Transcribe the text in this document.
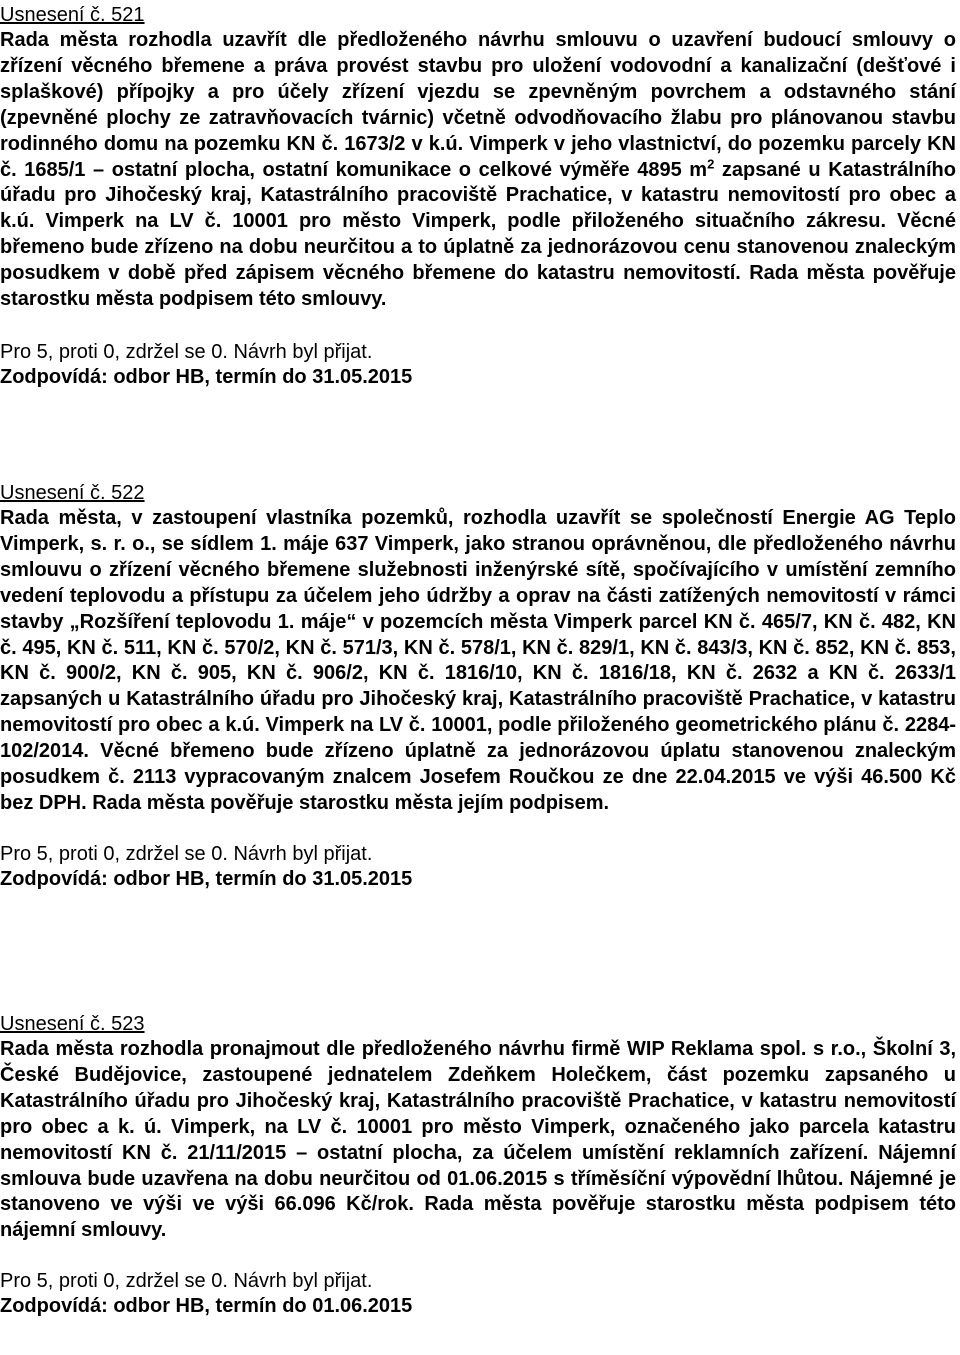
Usnesení č. 521

Rada města rozhodla uzavřít dle předloženého návrhu smlouvu o uzavření budoucí smlouvy o zřízení věcného břemene a práva provést stavbu pro uložení vodovodní a kanalizační (dešťové i splaškové) přípojky a pro účely zřízení vjezdu se zpevněným povrchem a odstavného stání (zpevněné plochy ze zatravňovacích tvárnic) včetně odvodňovacího žlabu pro plánovanou stavbu rodinného domu na pozemku KN č. 1673/2 v k.ú. Vimperk v jeho vlastnictví, do pozemku parcely KN č. 1685/1 – ostatní plocha, ostatní komunikace o celkové výměře 4895 $m^2$ zapsané u Katastrálního úřadu pro Jihočeský kraj, Katastrálního pracoviště Prachatice, v katastru nemovitostí pro obec a k.ú. Vimperk na LV č. 10001 pro město Vimperk, podle přiloženého situačního zákresu. Věcné břemeno bude zřízeno na dobu neurčitou a to úplatně za jednorázovou cenu stanovenou znaleckým posudkem v době před zápisem věcného břemene do katastru nemovitostí. Rada města pověřuje starostku města podpisem této smlouvy.

Pro 5, proti 0, zdržel se 0. Návrh byl přijat.

Zodpovídá: odbor HB, termín do 31.05.2015

Usnesení č. 522

Rada města, v zastoupení vlastníka pozemků, rozhodla uzavřít se společností Energie AG Teplo Vimperk, s. r. o., se sídlem 1. máje 637 Vimperk, jako stranou oprávněnou, dle předloženého návrhu smlouvu o zřízení věcného břemene služebnosti inženýrské sítě, spočívajícího v umístění zemního vedení teplovodu a přístupu za účelem jeho údržby a oprav na části zatížených nemovitostí v rámci stavby „Rozšíření teplovodu 1. máje“ v pozemcích města Vimperk parcel KN č. 465/7, KN č. 482, KN č. 495, KN č. 511, KN č. 570/2, KN č. 571/3, KN č. 578/1, KN č. 829/1, KN č. 843/3, KN č. 852, KN č. 853, KN č. 900/2, KN č. 905, KN č. 906/2, KN č. 1816/10, KN č. 1816/18, KN č. 2632 a KN č. 2633/1 zapsaných u Katastrálního úřadu pro Jihočeský kraj, Katastrálního pracoviště Prachatice, v katastru nemovitostí pro obec a k.ú. Vimperk na LV č. 10001, podle přiloženého geometrického plánu č. 2284-102/2014. Věcné břemeno bude zřízeno úplatně za jednorázovou úplatu stanovenou znaleckým posudkem č. 2113 vypracovaným znalcem Josefem Roučkou ze dne 22.04.2015 ve výši 46.500 Kč bez DPH. Rada města pověřuje starostku města jejím podpisem.

Pro 5, proti 0, zdržel se 0. Návrh byl přijat.

Zodpovídá: odbor HB, termín do 31.05.2015

Usnesení č. 523

Rada města rozhodla pronajmout dle předloženého návrhu firmě WIP Reklama spol. s r.o., Školní 3, České Budějovice, zastoupené jednatelem Zdeňkem Holečkem, část pozemku zapsaného u Katastrálního úřadu pro Jihočeský kraj, Katastrálního pracoviště Prachatice, v katastru nemovitostí pro obec a k. ú. Vimperk, na LV č. 10001 pro město Vimperk, označeného jako parcela katastru nemovitostí KN č. 21/11/2015 – ostatní plocha, za účelem umístění reklamních zařízení. Nájemní smlouva bude uzavřena na dobu neurčitou od 01.06.2015 s tříměsíční výpovědní lhůtou. Nájemné je stanoveno ve výši ve výši 66.096 Kč/rok. Rada města pověřuje starostku města podpisem této nájemní smlouvy.

Pro 5, proti 0, zdržel se 0. Návrh byl přijat.

Zodpovídá: odbor HB, termín do 01.06.2015
